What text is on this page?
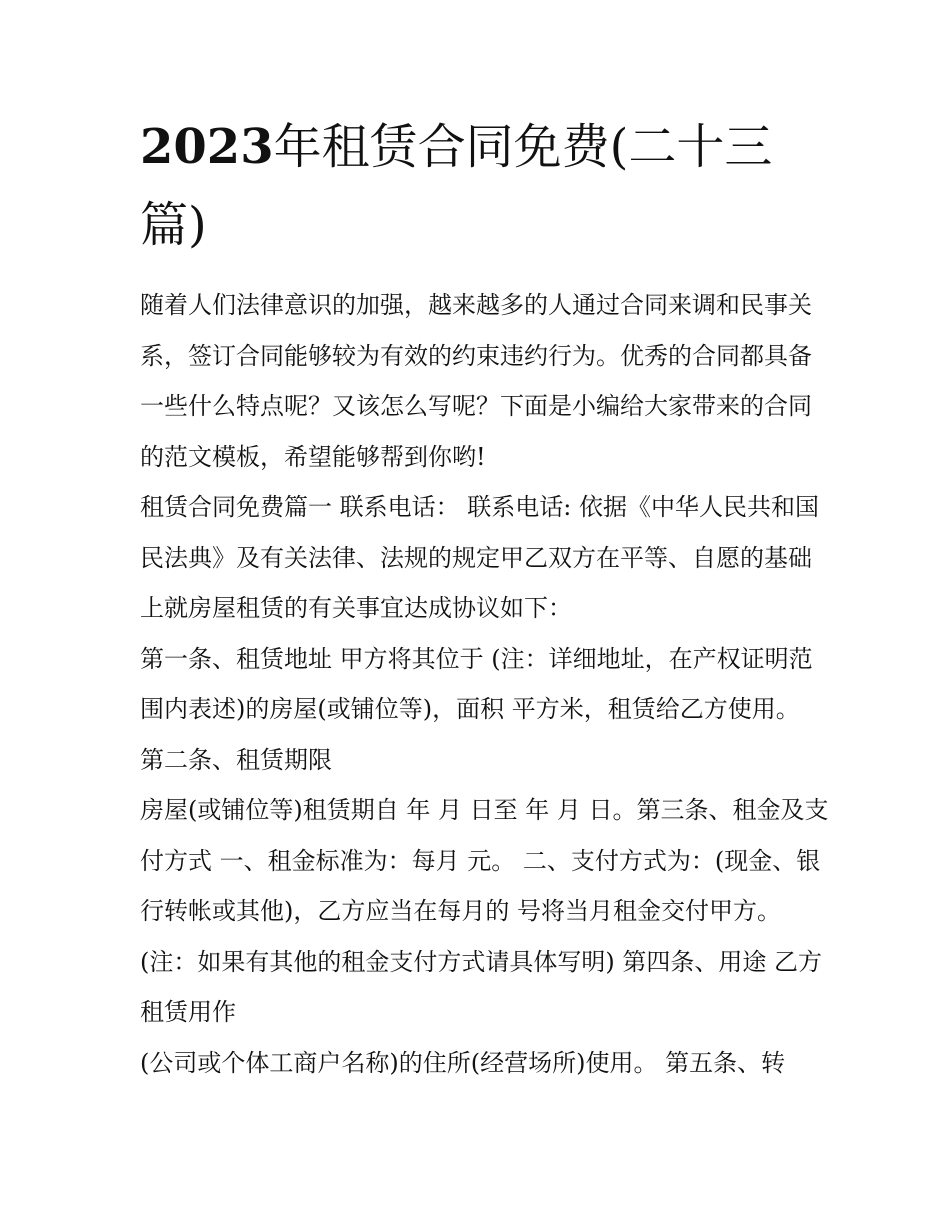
2023年租赁合同免费(二十三篇)

随着人们法律意识的加强，越来越多的人通过合同来调和民事关系，签订合同能够较为有效的约束违约行为。优秀的合同都具备一些什么特点呢？又该怎么写呢？下面是小编给大家带来的合同的范文模板，希望能够帮到你哟!

租赁合同免费篇一 联系电话： 联系电话: 依据《中华人民共和国民法典》及有关法律、法规的规定甲乙双方在平等、自愿的基础上就房屋租赁的有关事宜达成协议如下：

第一条、租赁地址 甲方将其位于 (注：详细地址，在产权证明范围内表述)的房屋(或铺位等)，面积 平方米，租赁给乙方使用。 第二条、租赁期限

房屋(或铺位等)租赁期自 年 月 日至 年 月 日。第三条、租金及支付方式 一、租金标准为：每月 元。 二、支付方式为：(现金、银行转帐或其他)，乙方应当在每月的 号将当月租金交付甲方。(注：如果有其他的租金支付方式请具体写明) 第四条、用途 乙方租赁用作

(公司或个体工商户名称)的住所(经营场所)使用。 第五条、转
